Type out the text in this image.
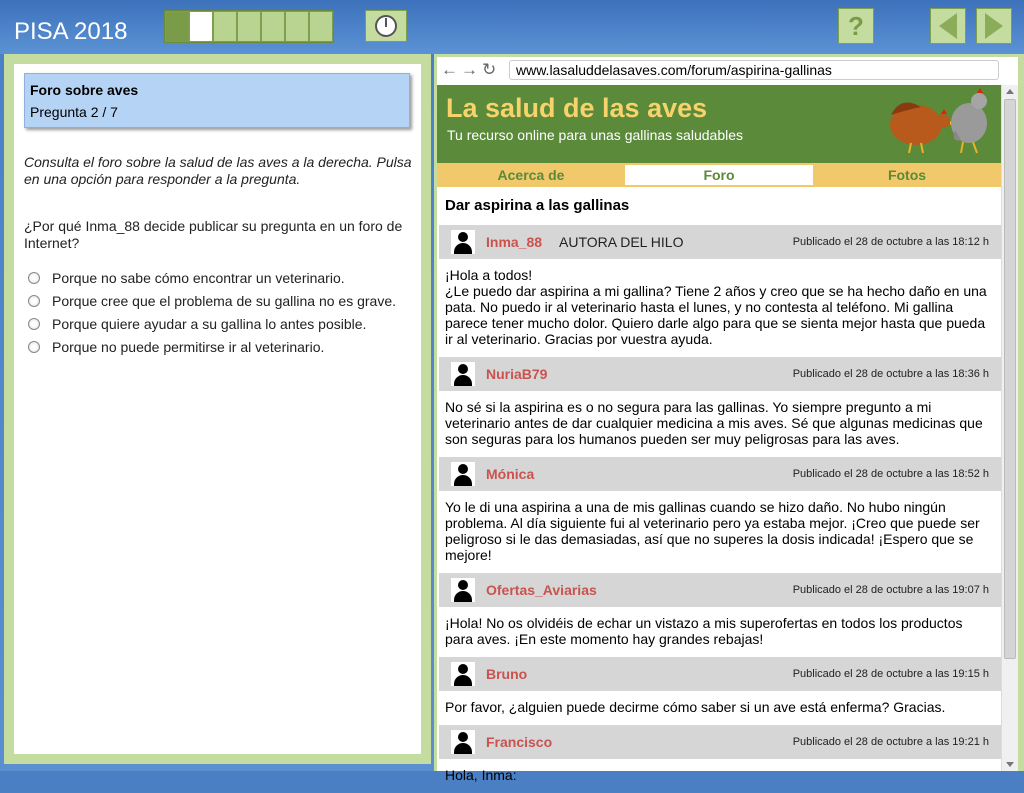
PISA 2018	?
Foro sobre aves
Pregunta 2 / 7
Consulta el foro sobre la salud de las aves a la derecha. Pulsa en una opción para responder a la pregunta.
¿Por qué Inma_88 decide publicar su pregunta en un foro de Internet?
Porque no sabe cómo encontrar un veterinario.
Porque cree que el problema de su gallina no es grave.
Porque quiere ayudar a su gallina lo antes posible.
Porque no puede permitirse ir al veterinario.
← → ↻	www.lasaluddelasaves.com/forum/aspirina-gallinas
La salud de las aves
Tu recurso online para unas gallinas saludables
Acerca de	Foro	Fotos
Dar aspirina a las gallinas
Inma_88 AUTORA DEL HILO	Publicado el 28 de octubre a las 18:12 h
¡Hola a todos!
¿Le puedo dar aspirina a mi gallina? Tiene 2 años y creo que se ha hecho daño en una pata. No puedo ir al veterinario hasta el lunes, y no contesta al teléfono. Mi gallina parece tener mucho dolor. Quiero darle algo para que se sienta mejor hasta que pueda ir al veterinario. Gracias por vuestra ayuda.
NuriaB79	Publicado el 28 de octubre a las 18:36 h
No sé si la aspirina es o no segura para las gallinas. Yo siempre pregunto a mi veterinario antes de dar cualquier medicina a mis aves. Sé que algunas medicinas que son seguras para los humanos pueden ser muy peligrosas para las aves.
Mónica	Publicado el 28 de octubre a las 18:52 h
Yo le di una aspirina a una de mis gallinas cuando se hizo daño. No hubo ningún problema. Al día siguiente fui al veterinario pero ya estaba mejor. ¡Creo que puede ser peligroso si le das demasiadas, así que no superes la dosis indicada! ¡Espero que se mejore!
Ofertas_Aviarias	Publicado el 28 de octubre a las 19:07 h
¡Hola! No os olvidéis de echar un vistazo a mis superofertas en todos los productos para aves. ¡En este momento hay grandes rebajas!
Bruno	Publicado el 28 de octubre a las 19:15 h
Por favor, ¿alguien puede decirme cómo saber si un ave está enferma? Gracias.
Francisco	Publicado el 28 de octubre a las 19:21 h
Hola, Inma:
